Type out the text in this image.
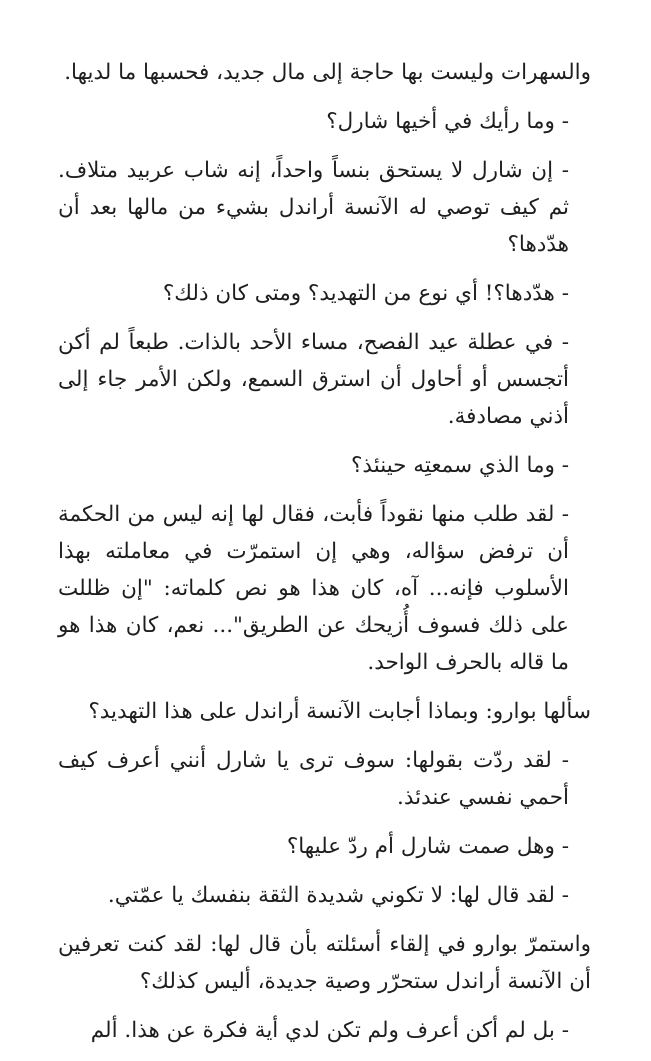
والسهرات وليست بها حاجة إلى مال جديد، فحسبها ما لديها.

- وما رأيك في أخيها شارل؟

- إن شارل لا يستحق بنساً واحداً، إنه شاب عربيد متلاف. ثم كيف توصي له الآنسة أراندل بشيء من مالها بعد أن هدّدها؟

- هدّدها؟! أي نوع من التهديد؟ ومتى كان ذلك؟

- في عطلة عيد الفصح، مساء الأحد بالذات. طبعاً لم أكن أتجسس أو أحاول أن استرق السمع، ولكن الأمر جاء إلى أذني مصادفة.

- وما الذي سمعتِه حينئذ؟

- لقد طلب منها نقوداً فأبت، فقال لها إنه ليس من الحكمة أن ترفض سؤاله، وهي إن استمرّت في معاملته بهذا الأسلوب فإنه... آه، كان هذا هو نص كلماته: "إن ظللت على ذلك فسوف أُزيحك عن الطريق"... نعم، كان هذا هو ما قاله بالحرف الواحد.

سألها بوارو: وبماذا أجابت الآنسة أراندل على هذا التهديد؟

- لقد ردّت بقولها: سوف ترى يا شارل أنني أعرف كيف أحمي نفسي عندئذ.

- وهل صمت شارل أم ردّ عليها؟

- لقد قال لها: لا تكوني شديدة الثقة بنفسك يا عمّتي.

واستمرّ بوارو في إلقاء أسئلته بأن قال لها: لقد كنت تعرفين أن الآنسة أراندل ستحرّر وصية جديدة، أليس كذلك؟

- بل لم أكن أعرف ولم تكن لدي أية فكرة عن هذا. ألم
